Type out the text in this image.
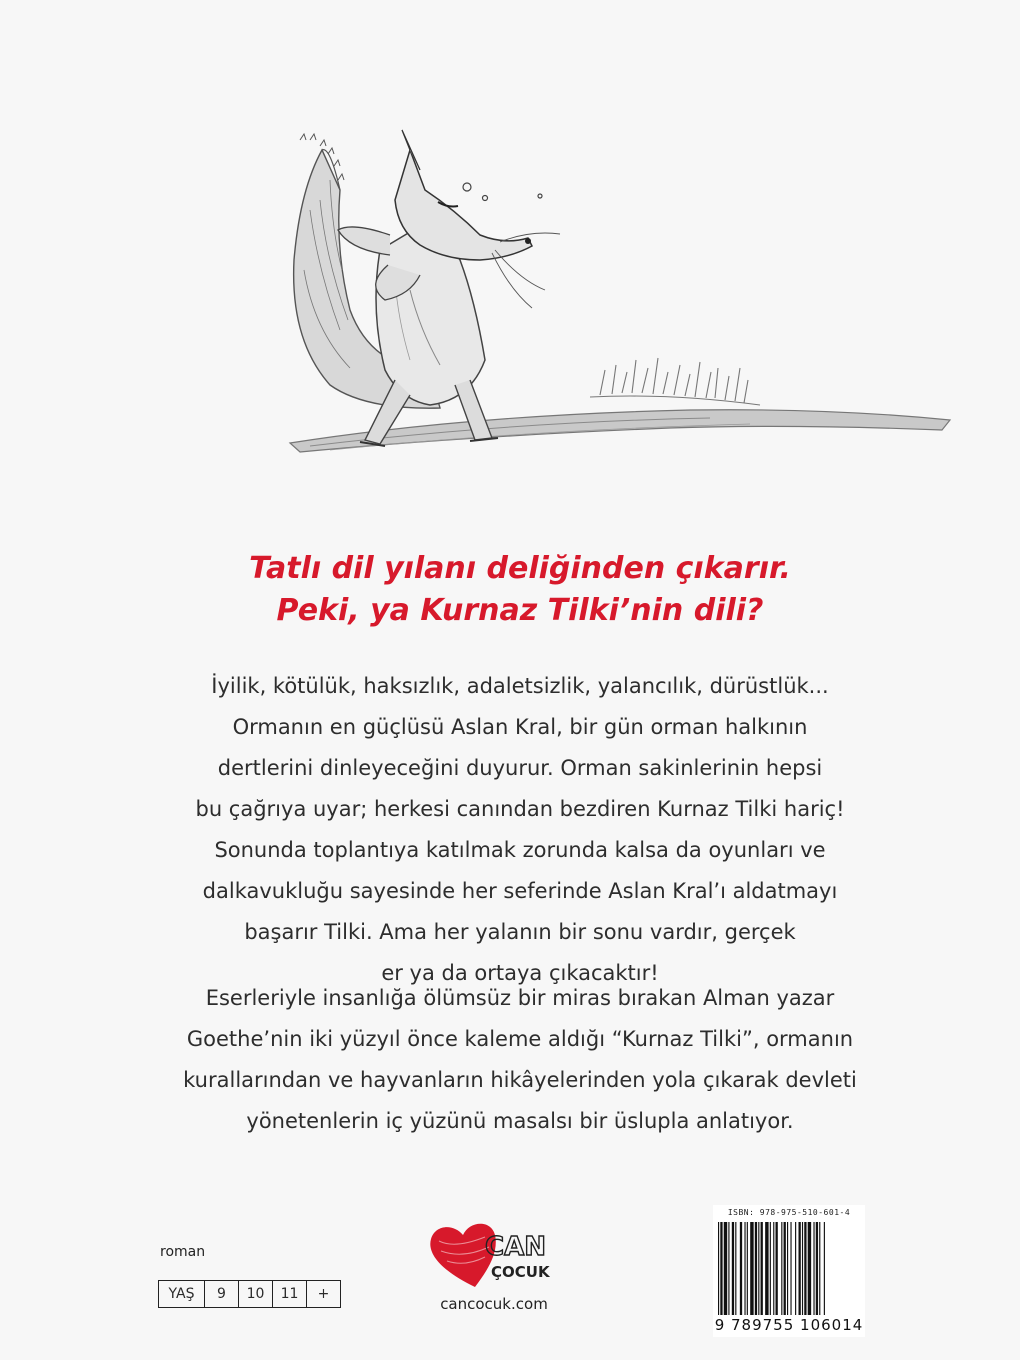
Tatlı dil yılanı deliğinden çıkarır.
Peki, ya Kurnaz Tilki’nin dili?
İyilik, kötülük, haksızlık, adaletsizlik, yalancılık, dürüstlük...
Ormanın en güçlüsü Aslan Kral, bir gün orman halkının
dertlerini dinleyeceğini duyurur. Orman sakinlerinin hepsi
bu çağrıya uyar; herkesi canından bezdiren Kurnaz Tilki hariç!
Sonunda toplantıya katılmak zorunda kalsa da oyunları ve
dalkavukluğu sayesinde her seferinde Aslan Kral’ı aldatmayı
başarır Tilki. Ama her yalanın bir sonu vardır, gerçek
er ya da ortaya çıkacaktır!
Eserleriyle insanlığa ölümsüz bir miras bırakan Alman yazar
Goethe’nin iki yüzyıl önce kaleme aldığı “Kurnaz Tilki”, ormanın
kurallarından ve hayvanların hikâyelerinden yola çıkarak devleti
yönetenlerin iç yüzünü masalsı bir üslupla anlatıyor.
roman
YAŞ	9	10	11	+
CAN
ÇOCUK
cancocuk.com
ISBN: 978-975-510-601-4
9 789755 106014
